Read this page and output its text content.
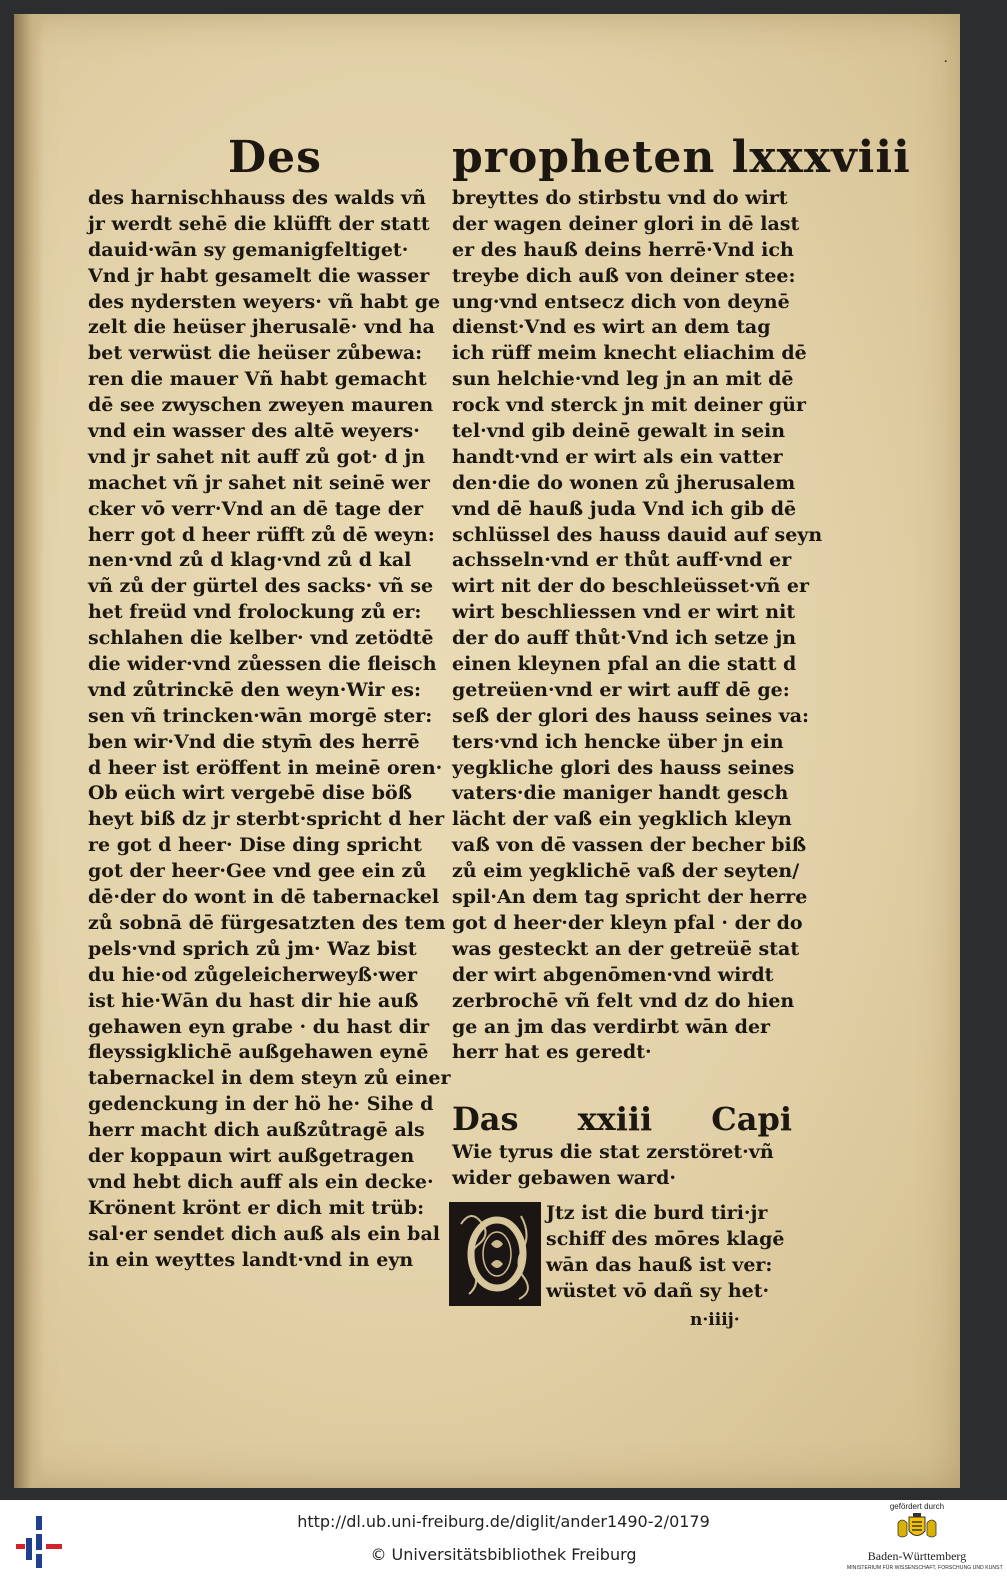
·
Des	propheten lxxxviii
des harnischhauss des walds vñ
jr werdt sehē die klüfft der statt
dauid·wān sy gemanigfeltiget·
Vnd jr habt gesamelt die wasser
des nydersten weyers· vñ habt ge
zelt die heüser jherusalē· vnd ha
bet verwüst die heüser zůbewa:
ren die mauer Vñ habt gemacht
dē see zwyschen zweyen mauren
vnd ein wasser des altē weyers·
vnd jr sahet nit auff zů got· d jn
machet vñ jr sahet nit seinē wer
cker vō verr·Vnd an dē tage der
herr got d heer rüfft zů dē weyn:
nen·vnd zů d klag·vnd zů d kal
vñ zů der gürtel des sacks· vñ se
het freüd vnd frolockung zů er:
schlahen die kelber· vnd zetödtē
die wider·vnd zůessen die fleisch
vnd zůtrinckē den weyn·Wir es:
sen vñ trincken·wān morgē ster:
ben wir·Vnd die stym̄ des herrē
d heer ist eröffent in meinē oren·
Ob eüch wirt vergebē dise böß
heyt biß dz jr sterbt·spricht d her
re got d heer· Dise ding spricht
got der heer·Gee vnd gee ein zů
dē·der do wont in dē tabernackel
zů sobnā dē fürgesatzten des tem
pels·vnd sprich zů jm· Waz bist
du hie·od zůgeleicherweyß·wer
ist hie·Wān du hast dir hie auß
gehawen eyn grabe · du hast dir
fleyssigklichē außgehawen eynē
tabernackel in dem steyn zů einer
gedenckung in der hö he· Sihe d
herr macht dich außzůtragē als
der koppaun wirt außgetragen
vnd hebt dich auff als ein decke·
Krönent krönt er dich mit trüb:
sal·er sendet dich auß als ein bal
in ein weyttes landt·vnd in eyn
breyttes do stirbstu vnd do wirt
der wagen deiner glori in dē last
er des hauß deins herrē·Vnd ich
treybe dich auß von deiner stee:
ung·vnd entsecz dich von deynē
dienst·Vnd es wirt an dem tag
ich rüff meim knecht eliachim dē
sun helchie·vnd leg jn an mit dē
rock vnd sterck jn mit deiner gür
tel·vnd gib deinē gewalt in sein
handt·vnd er wirt als ein vatter
den·die do wonen zů jherusalem
vnd dē hauß juda Vnd ich gib dē
schlüssel des hauss dauid auf seyn
achsseln·vnd er thůt auff·vnd er
wirt nit der do beschleüsset·vñ er
wirt beschliessen vnd er wirt nit
der do auff thůt·Vnd ich setze jn
einen kleynen pfal an die statt d
getreüen·vnd er wirt auff dē ge:
seß der glori des hauss seines va:
ters·vnd ich hencke über jn ein
yegkliche glori des hauss seines
vaters·die maniger handt gesch
lächt der vaß ein yegklich kleyn
vaß von dē vassen der becher biß
zů eim yegklichē vaß der seyten/
spil·An dem tag spricht der herre
got d heer·der kleyn pfal · der do
was gesteckt an der getreüē stat
der wirt abgenōmen·vnd wirdt
zerbrochē vñ felt vnd dz do hien
ge an jm das verdirbt wān der
herr hat es geredt·
Das xxiii Capi
Wie tyrus die stat zerstöret·vñ
wider gebawen ward·
Jtz ist die burd tiri·jr
schiff des mōres klagē
wān das hauß ist ver:
wüstet vō dañ sy het·
n·iiij·
http://dl.ub.uni-freiburg.de/diglit/ander1490-2/0179
© Universitätsbibliothek Freiburg
gefördert durch
Baden-Württemberg
MINISTERIUM FÜR WISSENSCHAFT, FORSCHUNG UND KUNST
